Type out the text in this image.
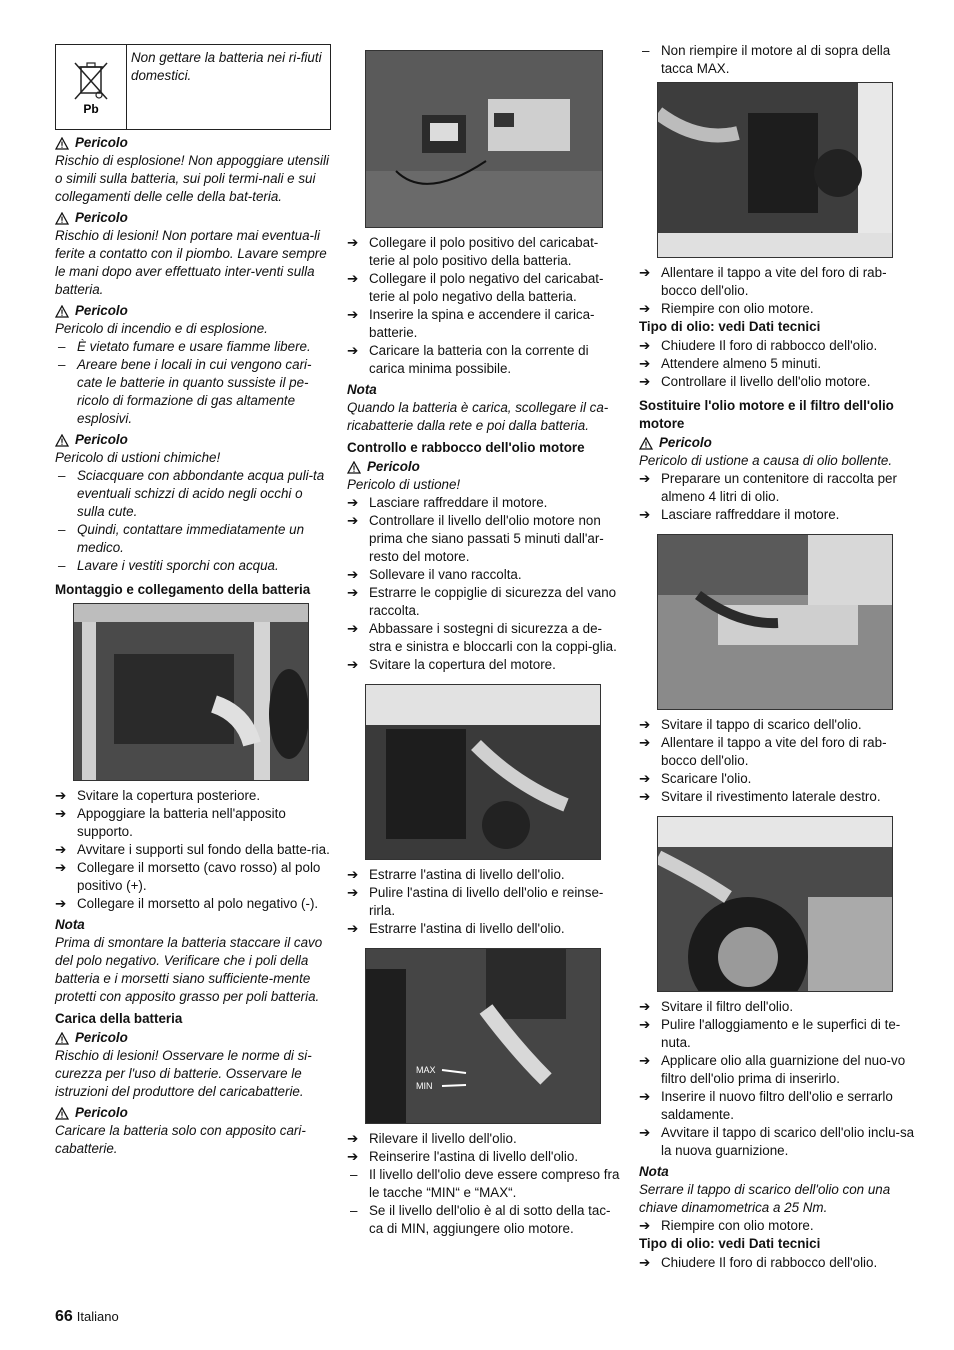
Pb
Non gettare la batteria nei ri-fiuti domestici.
Pericolo

Rischio di esplosione! Non appoggiare utensili o simili sulla batteria, sui poli termi-nali e sui collegamenti delle celle della bat-teria.

Pericolo

Rischio di lesioni! Non portare mai eventua-li ferite a contatto con il piombo. Lavare sempre le mani dopo aver effettuato inter-venti sulla batteria.

Pericolo

Pericolo di incendio e di esplosione.

– È vietato fumare e usare fiamme libere.
– Areare bene i locali in cui vengono cari-cate le batterie in quanto sussiste il pe-ricolo di formazione di gas altamente esplosivi.
Pericolo

Pericolo di ustioni chimiche!

– Sciacquare con abbondante acqua puli-ta eventuali schizzi di acido negli occhi o sulla cute.
– Quindi, contattare immediatamente un medico.
– Lavare i vestiti sporchi con acqua.

Montaggio e collegamento della batteria

➔ Svitare la copertura posteriore.
➔ Appoggiare la batteria nell'apposito supporto.
➔ Avvitare i supporti sul fondo della batte-ria.
➔ Collegare il morsetto (cavo rosso) al polo positivo (+).
➔ Collegare il morsetto al polo negativo (-).

Nota

Prima di smontare la batteria staccare il cavo del polo negativo. Verificare che i poli della batteria e i morsetti siano sufficiente-mente protetti con apposito grasso per poli batteria.

Carica della batteria

Pericolo

Rischio di lesioni! Osservare le norme di si-curezza per l'uso di batterie. Osservare le istruzioni del produttore del caricabatterie.

Pericolo

Caricare la batteria solo con apposito cari-cabatterie.

➔ Collegare il polo positivo del caricabat-terie al polo positivo della batteria.
➔ Collegare il polo negativo del caricabat-terie al polo negativo della batteria.
➔ Inserire la spina e accendere il carica-batterie.
➔ Caricare la batteria con la corrente di carica minima possibile.

Nota

Quando la batteria è carica, scollegare il ca-ricabatterie dalla rete e poi dalla batteria.

Controllo e rabbocco dell'olio motore

Pericolo

Pericolo di ustione!

➔ Lasciare raffreddare il motore.
➔ Controllare il livello dell'olio motore non prima che siano passati 5 minuti dall'ar-resto del motore.
➔ Sollevare il vano raccolta.
➔ Estrarre le coppiglie di sicurezza del vano raccolta.
➔ Abbassare i sostegni di sicurezza a de-stra e sinistra e bloccarli con la coppi-glia.
➔ Svitare la copertura del motore.
➔ Estrarre l'astina di livello dell'olio.
➔ Pulire l'astina di livello dell'olio e reinse-rirla.
➔ Estrarre l'astina di livello dell'olio.
MAX
MIN
➔ Rilevare il livello dell'olio.
➔ Reinserire l'astina di livello dell'olio.
– Il livello dell'olio deve essere compreso fra le tacche “MIN“ e “MAX“.
– Se il livello dell'olio è al di sotto della tac-ca di MIN, aggiungere olio motore.
– Non riempire il motore al di sopra della tacca MAX.
➔ Allentare il tappo a vite del foro di rab-bocco dell'olio.
➔ Riempire con olio motore.

Tipo di olio: vedi Dati tecnici

➔ Chiudere Il foro di rabbocco dell'olio.
➔ Attendere almeno 5 minuti.
➔ Controllare il livello dell'olio motore.

Sostituire l'olio motore e il filtro dell'olio motore

Pericolo

Pericolo di ustione a causa di olio bollente.

➔ Preparare un contenitore di raccolta per almeno 4 litri di olio.
➔ Lasciare raffreddare il motore.
➔ Svitare il tappo di scarico dell'olio.
➔ Allentare il tappo a vite del foro di rab-bocco dell'olio.
➔ Scaricare l'olio.
➔ Svitare il rivestimento laterale destro.
➔ Svitare il filtro dell'olio.
➔ Pulire l'alloggiamento e le superfici di te-nuta.
➔ Applicare olio alla guarnizione del nuo-vo filtro dell'olio prima di inserirlo.
➔ Inserire il nuovo filtro dell'olio e serrarlo saldamente.
➔ Avvitare il tappo di scarico dell'olio inclu-sa la nuova guarnizione.

Nota

Serrare il tappo di scarico dell'olio con una chiave dinamometrica a 25 Nm.

➔ Riempire con olio motore.

Tipo di olio: vedi Dati tecnici

➔ Chiudere Il foro di rabbocco dell'olio.
66 Italiano
